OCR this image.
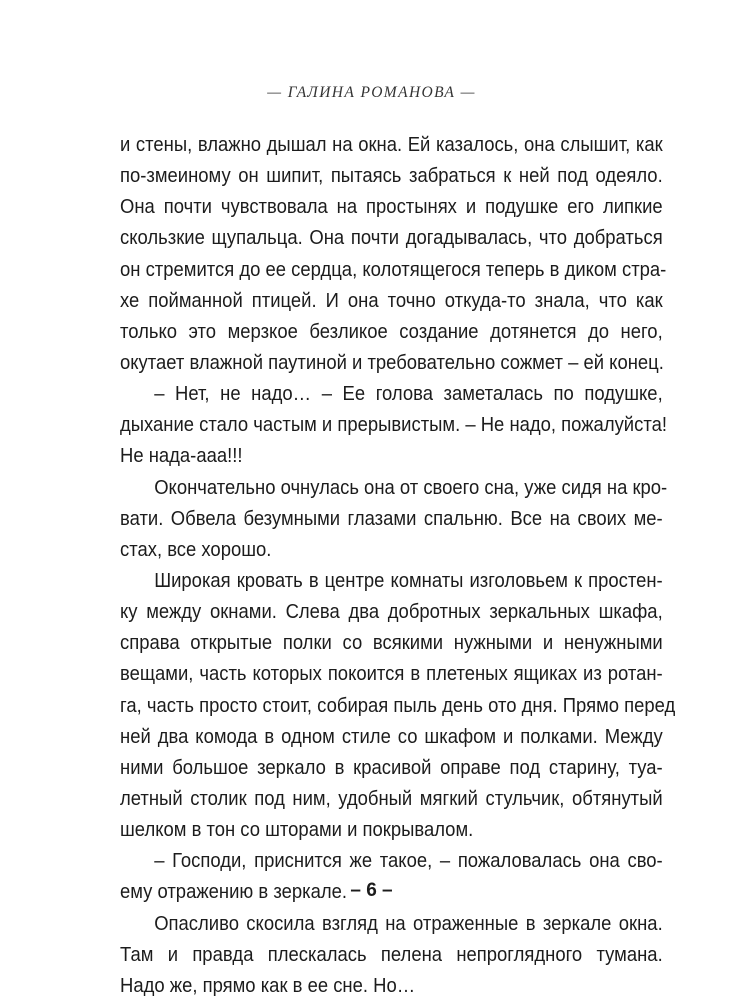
— ГАЛИНА РОМАНОВА —
и стены, влажно дышал на окна. Ей казалось, она слышит, как
по-змеиному он шипит, пытаясь забраться к ней под одеяло.
Она почти чувствовала на простынях и подушке его липкие
скользкие щупальца. Она почти догадывалась, что добраться
он стремится до ее сердца, колотящегося теперь в диком стра-
хе пойманной птицей. И она точно откуда-то знала, что как
только это мерзкое безликое создание дотянется до него,
окутает влажной паутиной и требовательно сожмет – ей конец.
– Нет, не надо… – Ее голова заметалась по подушке,
дыхание стало частым и прерывистым. – Не надо, пожалуйста!
Не нада-ааа!!!
Окончательно очнулась она от своего сна, уже сидя на кро-
вати. Обвела безумными глазами спальню. Все на своих ме-
стах, все хорошо.
Широкая кровать в центре комнаты изголовьем к простен-
ку между окнами. Слева два добротных зеркальных шкафа,
справа открытые полки со всякими нужными и ненужными
вещами, часть которых покоится в плетеных ящиках из ротан-
га, часть просто стоит, собирая пыль день ото дня. Прямо перед
ней два комода в одном стиле со шкафом и полками. Между
ними большое зеркало в красивой оправе под старину, туа-
летный столик под ним, удобный мягкий стульчик, обтянутый
шелком в тон со шторами и покрывалом.
– Господи, приснится же такое, – пожаловалась она сво-
ему отражению в зеркале.
Опасливо скосила взгляд на отраженные в зеркале окна.
Там и правда плескалась пелена непроглядного тумана.
Надо же, прямо как в ее сне. Но…
– 6 –
